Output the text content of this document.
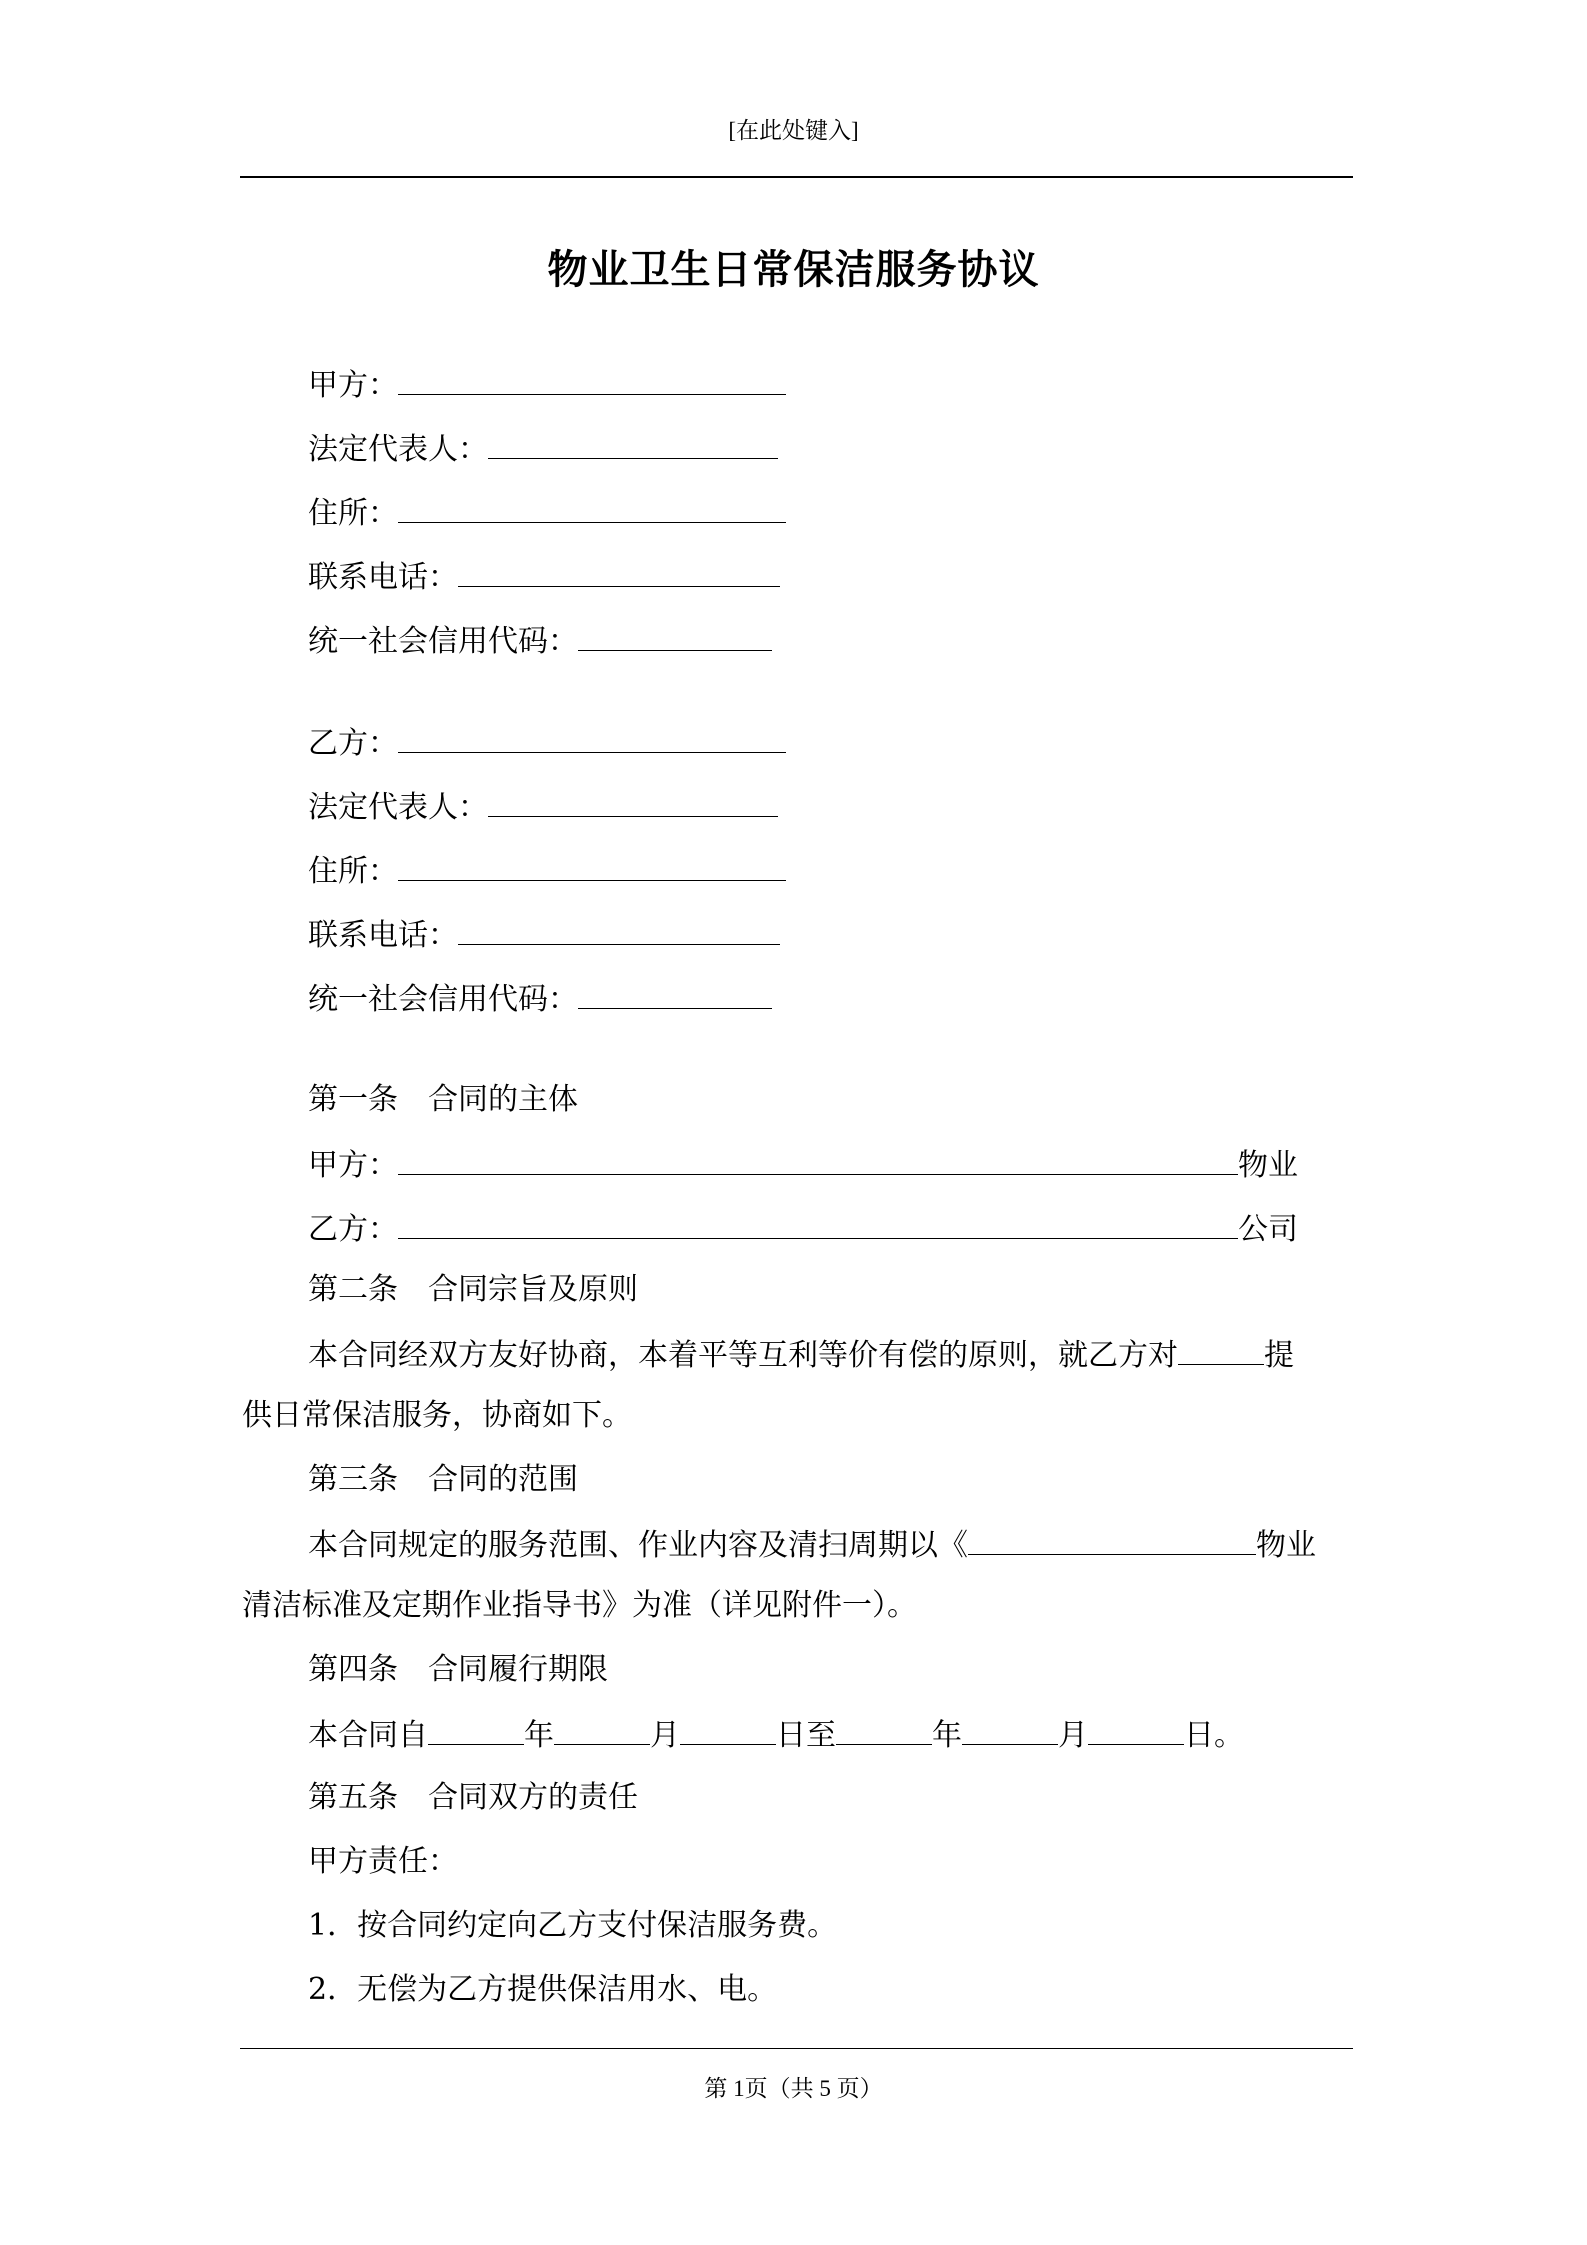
[在此处键入]
物业卫生日常保洁服务协议
甲方：
法定代表人：
住所：
联系电话：
统一社会信用代码：
乙方：
法定代表人：
住所：
联系电话：
统一社会信用代码：
第一条　合同的主体
甲方：	物业
乙方：	公司
第二条　合同宗旨及原则
本合同经双方友好协商，本着平等互利等价有偿的原则，就乙方对	提
供日常保洁服务，协商如下。
第三条　合同的范围
本合同规定的服务范围、作业内容及清扫周期以《	物业
清洁标准及定期作业指导书》为准（详见附件一）。
第四条　合同履行期限
本合同自	年	月	日至	年	月	日。
第五条　合同双方的责任
甲方责任：
1．按合同约定向乙方支付保洁服务费。
2．无偿为乙方提供保洁用水、电。
第 1页（共 5 页）
